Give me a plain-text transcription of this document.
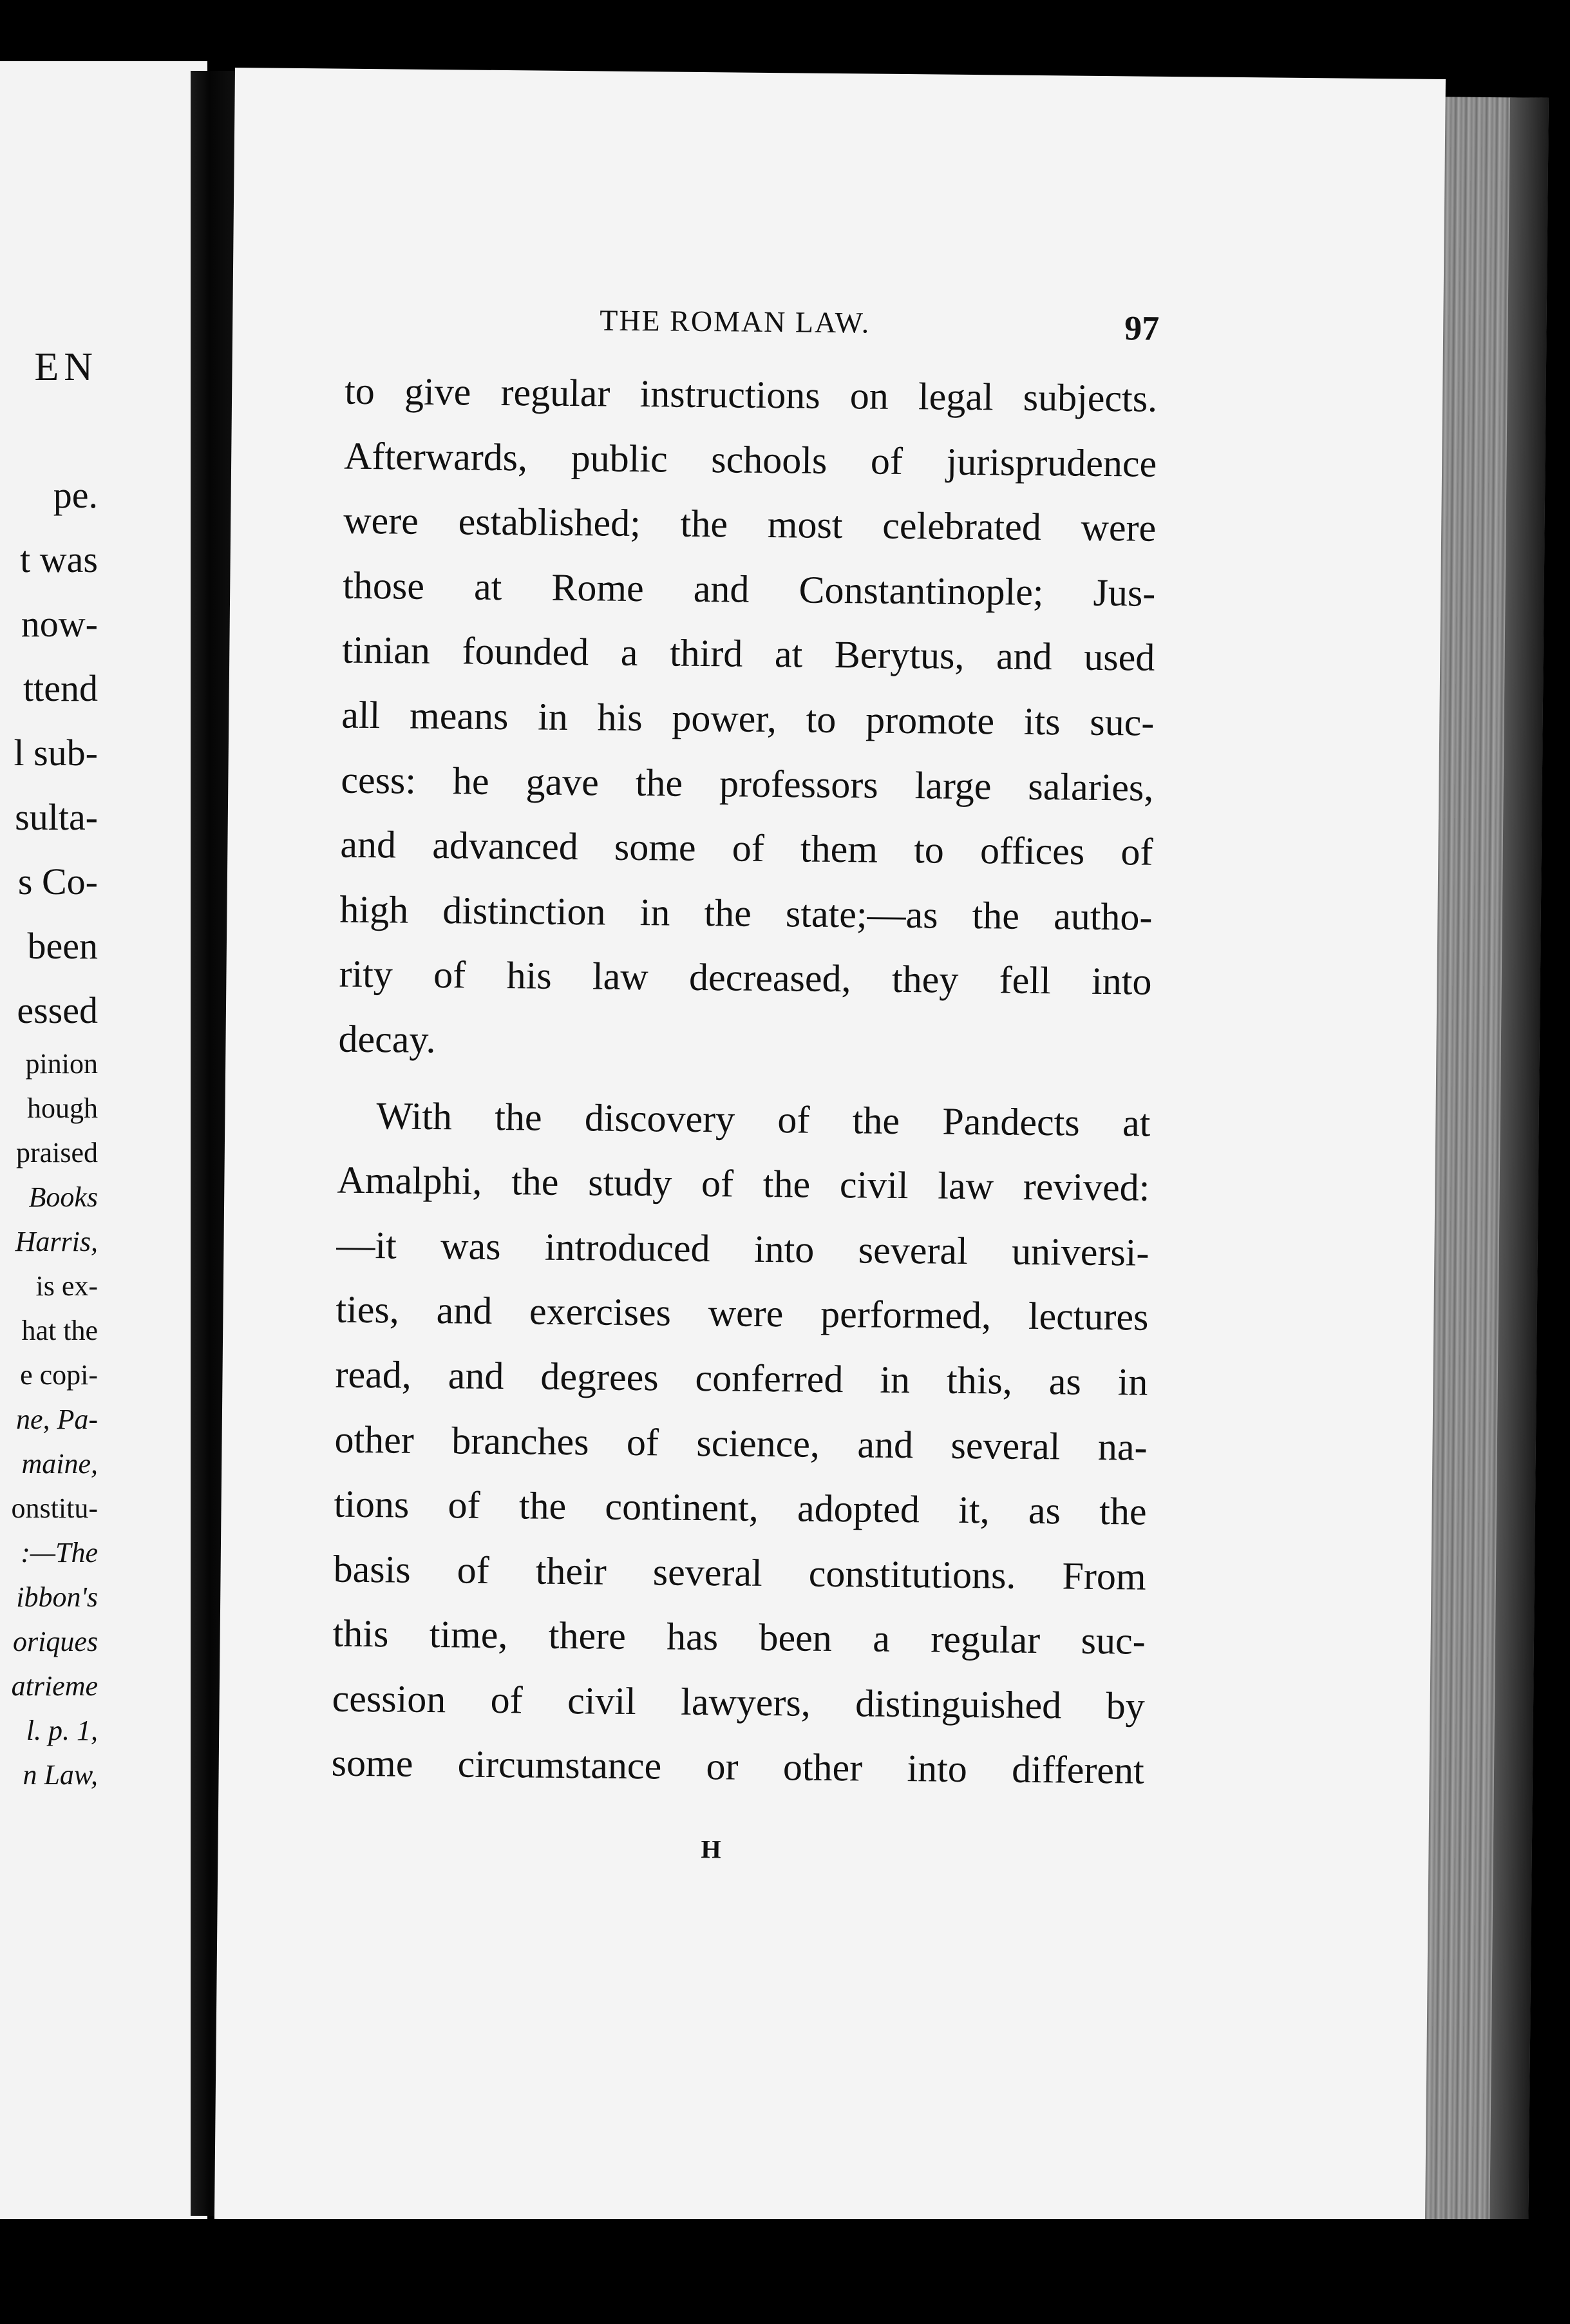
EN
pe.
t was
now-
ttend
l sub-
sulta-
s Co-
been
essed
pinion
hough
praised
Books
Harris,
is ex-
hat the
e copi-
ne, Pa-
maine,
onstitu-
:—The
ibbon's
oriques
atrieme
l. p. 1,
n Law,
THE ROMAN LAW.	97
to give regular instructions on legal subjects.
Afterwards, public schools of jurisprudence
were established; the most celebrated were
those at Rome and Constantinople; Jus-
tinian founded a third at Berytus, and used
all means in his power, to promote its suc-
cess: he gave the professors large salaries,
and advanced some of them to offices of
high distinction in the state;—as the autho-
rity of his law decreased, they fell into
decay.
With the discovery of the Pandects at
Amalphi, the study of the civil law revived:
—it was introduced into several universi-
ties, and exercises were performed, lectures
read, and degrees conferred in this, as in
other branches of science, and several na-
tions of the continent, adopted it, as the
basis of their several constitutions. From
this time, there has been a regular suc-
cession of civil lawyers, distinguished by
some circumstance or other into different
H
